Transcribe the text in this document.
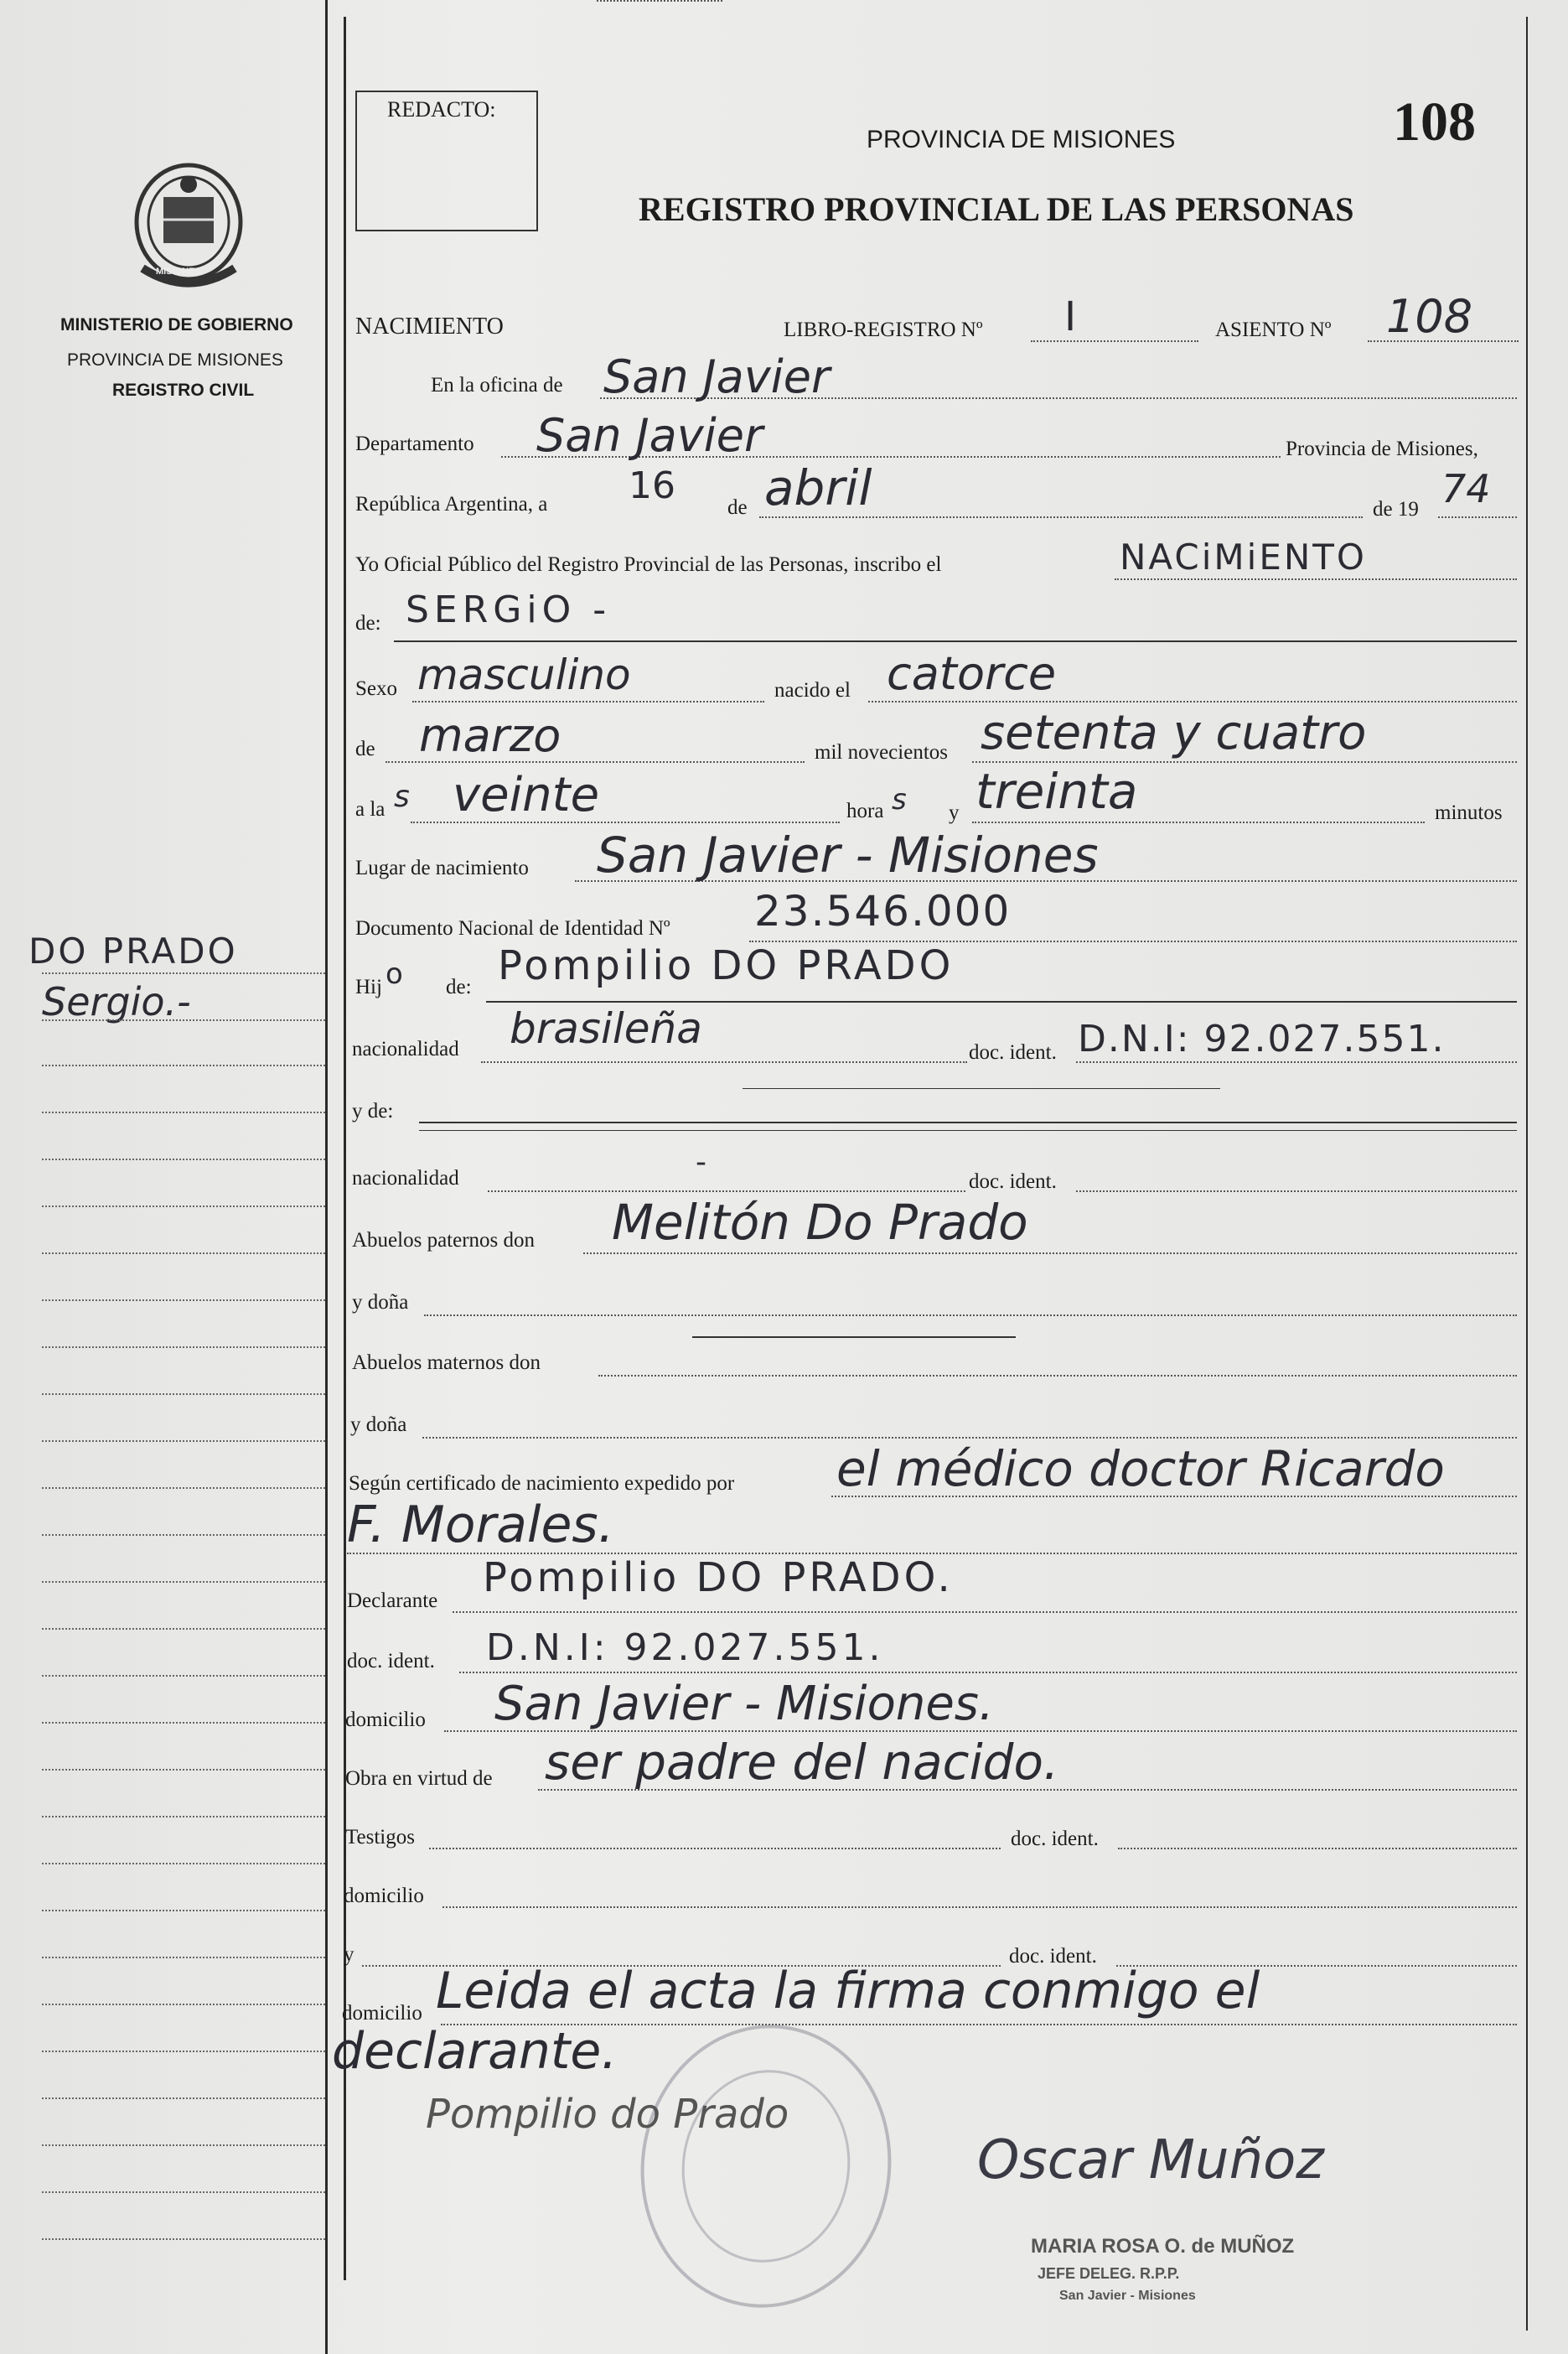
MISIONES
MINISTERIO DE GOBIERNO
PROVINCIA DE MISIONES
REGISTRO CIVIL
DO PRADO
Sergio.-
REDACTO:
PROVINCIA DE MISIONES	108
REGISTRO PROVINCIAL DE LAS PERSONAS
NACIMIENTO	LIBRO-REGISTRO Nº I	ASIENTO Nº 108
En la oficina de San Javier
Departamento San Javier	Provincia de Misiones,
República Argentina, a 16
de abril	de 19 74
Yo Oficial Público del Registro Provincial de las Personas, inscribo el	NACiMiENTO
de: SERGiO -
Sexo masculino	nacido el catorce
de marzo	mil novecientos setenta y cuatro
a la s veinte	hora s y treinta	minutos
Lugar de nacimiento San Javier - Misiones
Documento Nacional de Identidad Nº 23.546.000
Hij o de: Pompilio DO PRADO
nacionalidad brasileña	doc. ident. D.N.I: 92.027.551.
y de:
nacionalidad	-
doc. ident.
Abuelos paternos don Melitón Do Prado
y doña
Abuelos maternos don
y doña
Según certificado de nacimiento expedido por el médico doctor Ricardo
F. Morales.
Declarante Pompilio DO PRADO.
doc. ident. D.N.I: 92.027.551.
domicilio San Javier - Misiones.
Obra en virtud de ser padre del nacido.
Testigos	doc. ident.
domicilio
y	doc. ident.
domicilio Leida el acta la firma conmigo el
declarante.
Pompilio do Prado
Oscar Muñoz
MARIA ROSA O. de MUÑOZ
JEFE DELEG. R.P.P.
San Javier - Misiones
